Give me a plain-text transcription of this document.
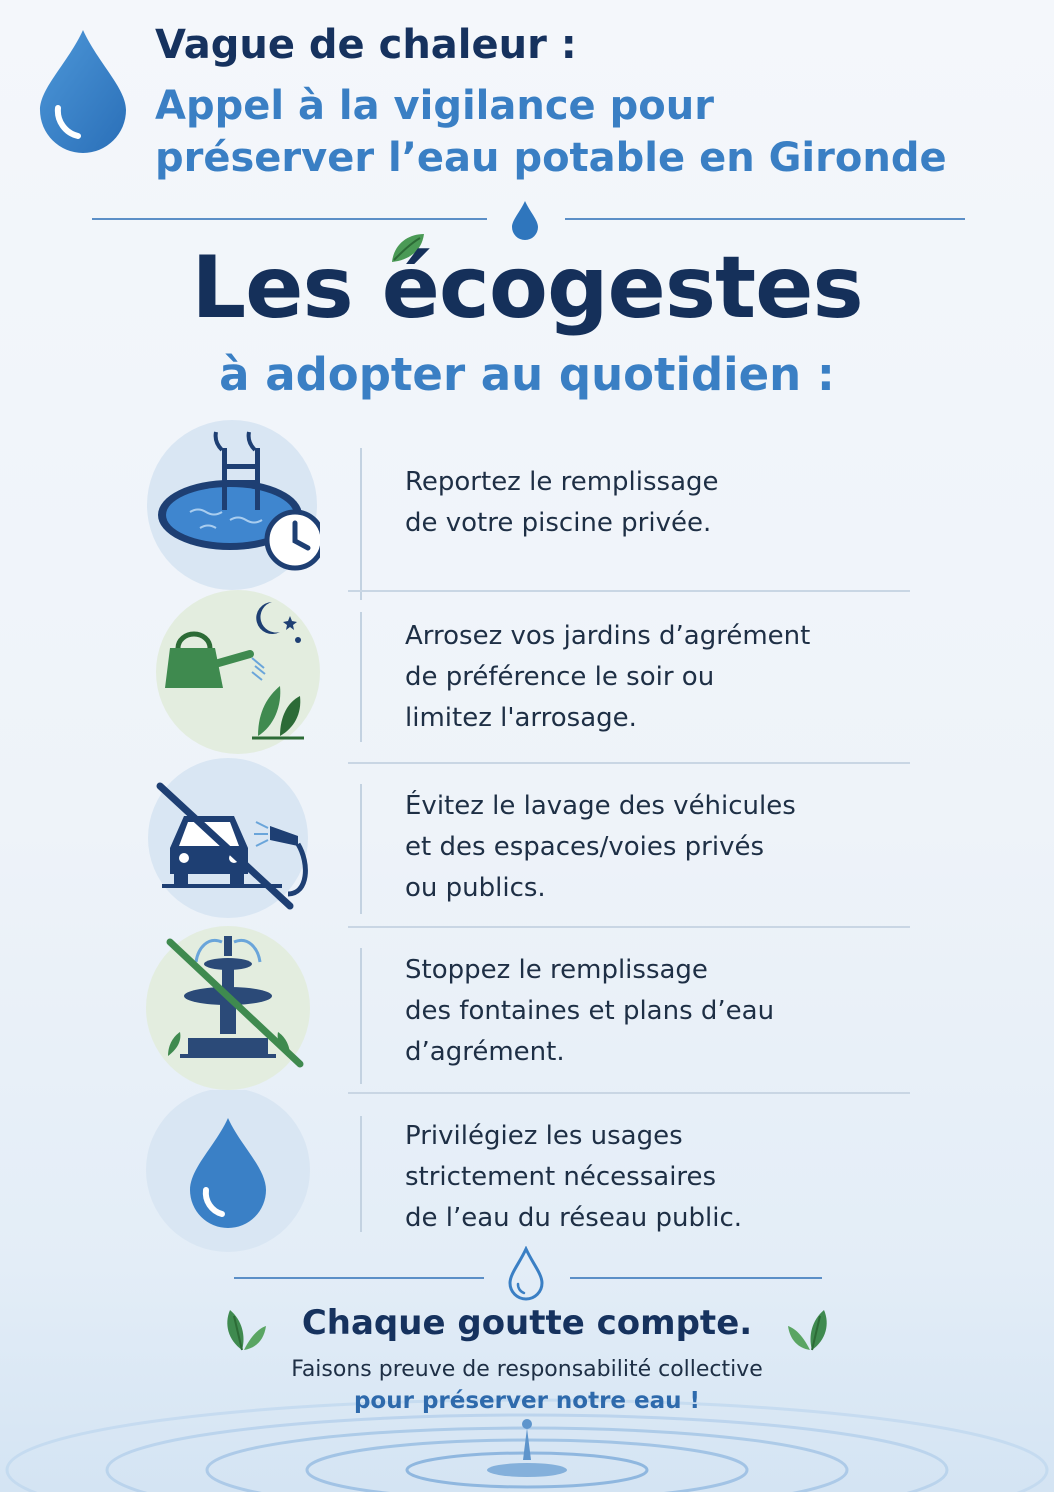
Vague de chaleur :
Appel à la vigilance pour
préserver l’eau potable en Gironde
Les écogestes
à adopter au quotidien :
Reportez le remplissage
de votre piscine privée.
Arrosez vos jardins d’agrément
de préférence le soir ou
limitez l'arrosage.
Évitez le lavage des véhicules
et des espaces/voies privés
ou publics.
Stoppez le remplissage
des fontaines et plans d’eau
d’agrément.
Privilégiez les usages
strictement nécessaires
de l’eau du réseau public.
Chaque goutte compte.
Faisons preuve de responsabilité collective
pour préserver notre eau !
